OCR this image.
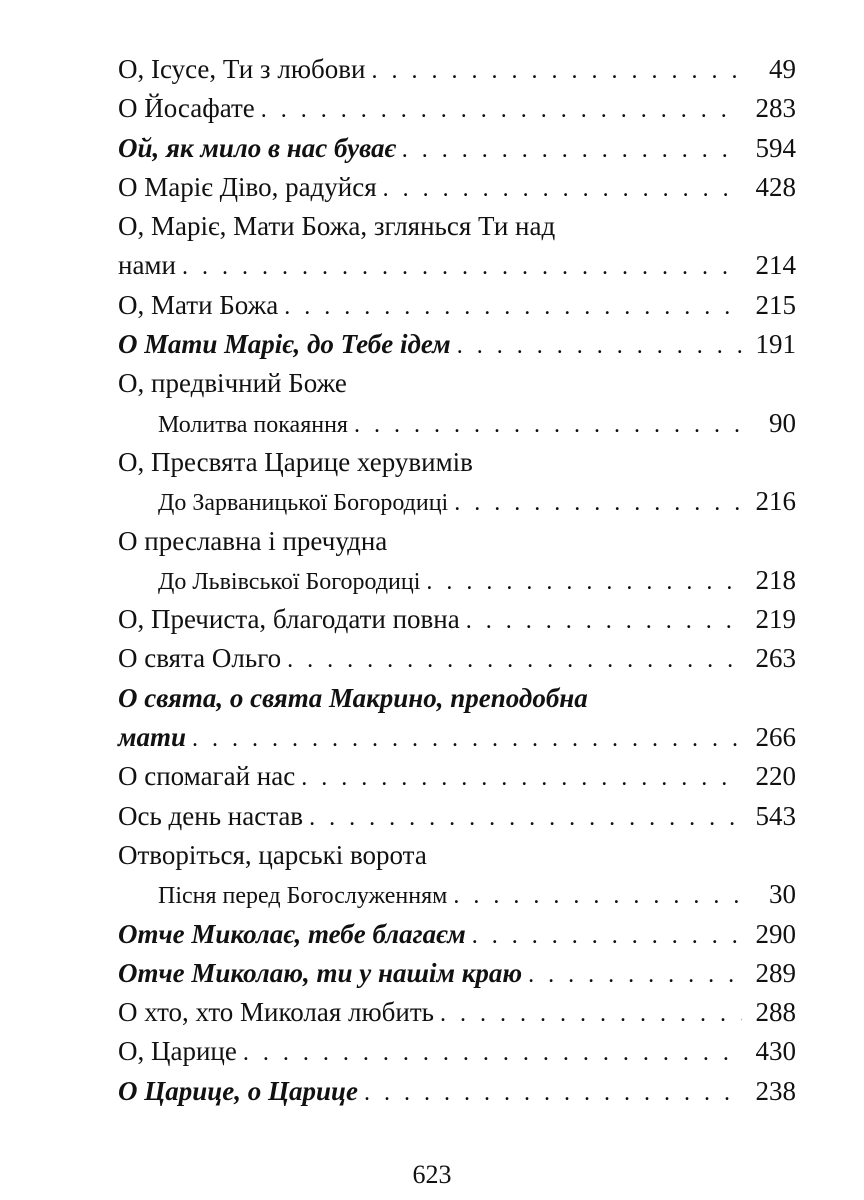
О, Ісусе, Ти з любови . . .	49
О Йосафате . . .	283
Ой, як мило в нас буває . . .	594
О Маріє Діво, радуйся . . .	428
О, Маріє, Мати Божа, зглянься Ти над
нами . . .	214
О, Мати Божа . . .	215
О Мати Маріє, до Тебе ідем . . .	191
О, предвічний Боже
Молитва покаяння . . .	90
О, Пресвята Царице херувимів
До Зарваницької Богородиці . . .	216
О преславна і пречудна
До Львівської Богородиці . . .	218
О, Пречиста, благодати повна . . .	219
О свята Ольго . . .	263
О свята, о свята Макрино, преподобна
мати . . .	266
О спомагай нас . . .	220
Ось день настав . . .	543
Отворіться, царські ворота
Пісня перед Богослуженням . . .	30
Отче Миколає, тебе благаєм . . .	290
Отче Миколаю, ти у нашім краю . . .	289
О хто, хто Миколая любить . . .	288
О, Царице . . .	430
О Царице, о Царице . . .	238
623
